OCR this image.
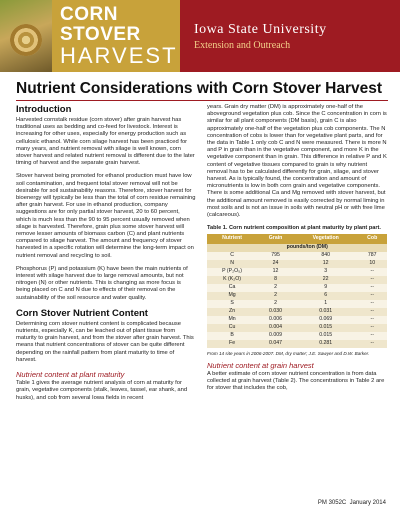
CORN STOVER
HARVEST
Iowa State University
Extension and Outreach
Nutrient Considerations with Corn Stover Harvest
Introduction

Harvested cornstalk residue (corn stover) after grain harvest has traditional uses as bedding and co-feed for livestock. Interest is increasing for other uses, especially for energy production such as cellulosic ethanol. While corn silage harvest has been practiced for many years, and nutrient removal with silage is well known, corn stover harvest and related nutrient removal is different due to the later timing of harvest and the separate grain harvest.

Stover harvest being promoted for ethanol production must have low soil contamination, and frequent total stover removal will not be desirable for soil sustainability reasons. Therefore, stover harvest for bioenergy will typically be less than the total of corn residue remaining after grain harvest. For use in ethanol production, company suggestions are for only partial stover harvest, 20 to 60 percent, which is much less than the 90 to 95 percent usually removed when silage is harvested. Therefore, grain plus some stover harvest will remove lesser amounts of biomass carbon (C) and plant nutrients compared to silage harvest. The amount and frequency of stover harvested in a specific rotation will determine the long-term impact on nutrient removal and recycling to soil.

Phosphorus (P) and potassium (K) have been the main nutrients of interest with silage harvest due to large removal amounts, but not nitrogen (N) or other nutrients. This is changing as more focus is being placed on C and N due to effects of their removal on the sustainability of the soil resource and water quality.

Corn Stover Nutrient Content

Determining corn stover nutrient content is complicated because nutrients, especially K, can be leached out of plant tissue from maturity to grain harvest, and from the stover after grain harvest. This means that nutrient concentrations of stover can be quite different depending on the rainfall pattern from plant maturity to time of harvest.

Nutrient content at plant maturity

Table 1 gives the average nutrient analysis of corn at maturity for grain, vegetative components (stalk, leaves, tassel, ear shank, and husks), and cob from several Iowa fields in recent

years. Grain dry matter (DM) is approximately one-half of the aboveground vegetation plus cob. Since the C concentration in corn is similar for all plant components (DM basis), grain C is also approximately one-half of the vegetation plus cob components. The N concentration of cobs is lower than for vegetative plant parts, and for the data in Table 1 only cob C and N were measured. There is more N and P in grain than in the vegetative component, and more K in the vegetative component than in grain. This difference in relative P and K content of vegetative tissues compared to grain is why nutrient removal has to be calculated differently for grain, silage, and stover harvest. As is typically found, the concentration and amount of micronutrients is low in both corn grain and vegetative components. There is some additional Ca and Mg removed with stover harvest, but the additional amount removed is easily corrected by normal liming in most soils and is not an issue in soils with neutral pH or with free lime (calcareous).

Table 1. Corn nutrient composition at plant maturity by plant part.
Nutrient	Grain	Vegetation	Cob
	pounds/ton (DM)		
C	795	840	787
N	24	12	10
P (P₂O₅)	12	3	--
K (K₂O)	8	22	--
Ca	2	9	--
Mg	2	6	--
S	2	1	--
Zn	0.030	0.031	--
Mn	0.006	0.069	--
Cu	0.004	0.015	--
B	0.009	0.015	--
Fe	0.047	0.281	--
From 14 site years in 2006-2007. DM, dry matter; J.E. Sawyer and D.W. Barker.
Nutrient content at grain harvest

A better estimate of corn stover nutrient concentration is from data collected at grain harvest (Table 2). The concentrations in Table 2 are for stover that includes the cob,

PM 3052C January 2014
